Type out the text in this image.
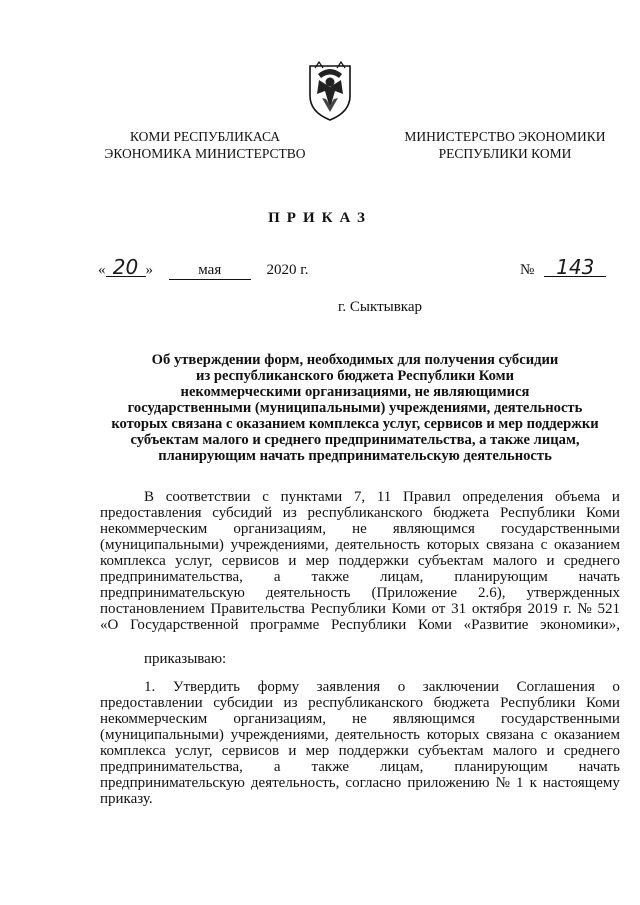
КОМИ РЕСПУБЛИКАСА
ЭКОНОМИКА МИНИСТЕРСТВО
МИНИСТЕРСТВО ЭКОНОМИКИ
РЕСПУБЛИКИ КОМИ
ПРИКАЗ
« 20 »	мая	2020 г.	№ 143
г. Сыктывкар
Об утверждении форм, необходимых для получения субсидии
из республиканского бюджета Республики Коми
некоммерческими организациями, не являющимися
государственными (муниципальными) учреждениями, деятельность
которых связана с оказанием комплекса услуг, сервисов и мер поддержки
субъектам малого и среднего предпринимательства, а также лицам,
планирующим начать предпринимательскую деятельность
В соответствии с пунктами 7, 11 Правил определения объема и
предоставления субсидий из республиканского бюджета Республики Коми
некоммерческим организациям, не являющимся государственными
(муниципальными) учреждениями, деятельность которых связана с оказанием
комплекса услуг, сервисов и мер поддержки субъектам малого и среднего
предпринимательства, а также лицам, планирующим начать
предпринимательскую деятельность (Приложение 2.6), утвержденных
постановлением Правительства Республики Коми от 31 октября 2019 г. № 521
«О Государственной программе Республики Коми «Развитие экономики»,
приказываю:
1. Утвердить форму заявления о заключении Соглашения о
предоставлении субсидии из республиканского бюджета Республики Коми
некоммерческим организациям, не являющимся государственными
(муниципальными) учреждениями, деятельность которых связана с оказанием
комплекса услуг, сервисов и мер поддержки субъектам малого и среднего
предпринимательства, а также лицам, планирующим начать
предпринимательскую деятельность, согласно приложению № 1 к настоящему
приказу.
